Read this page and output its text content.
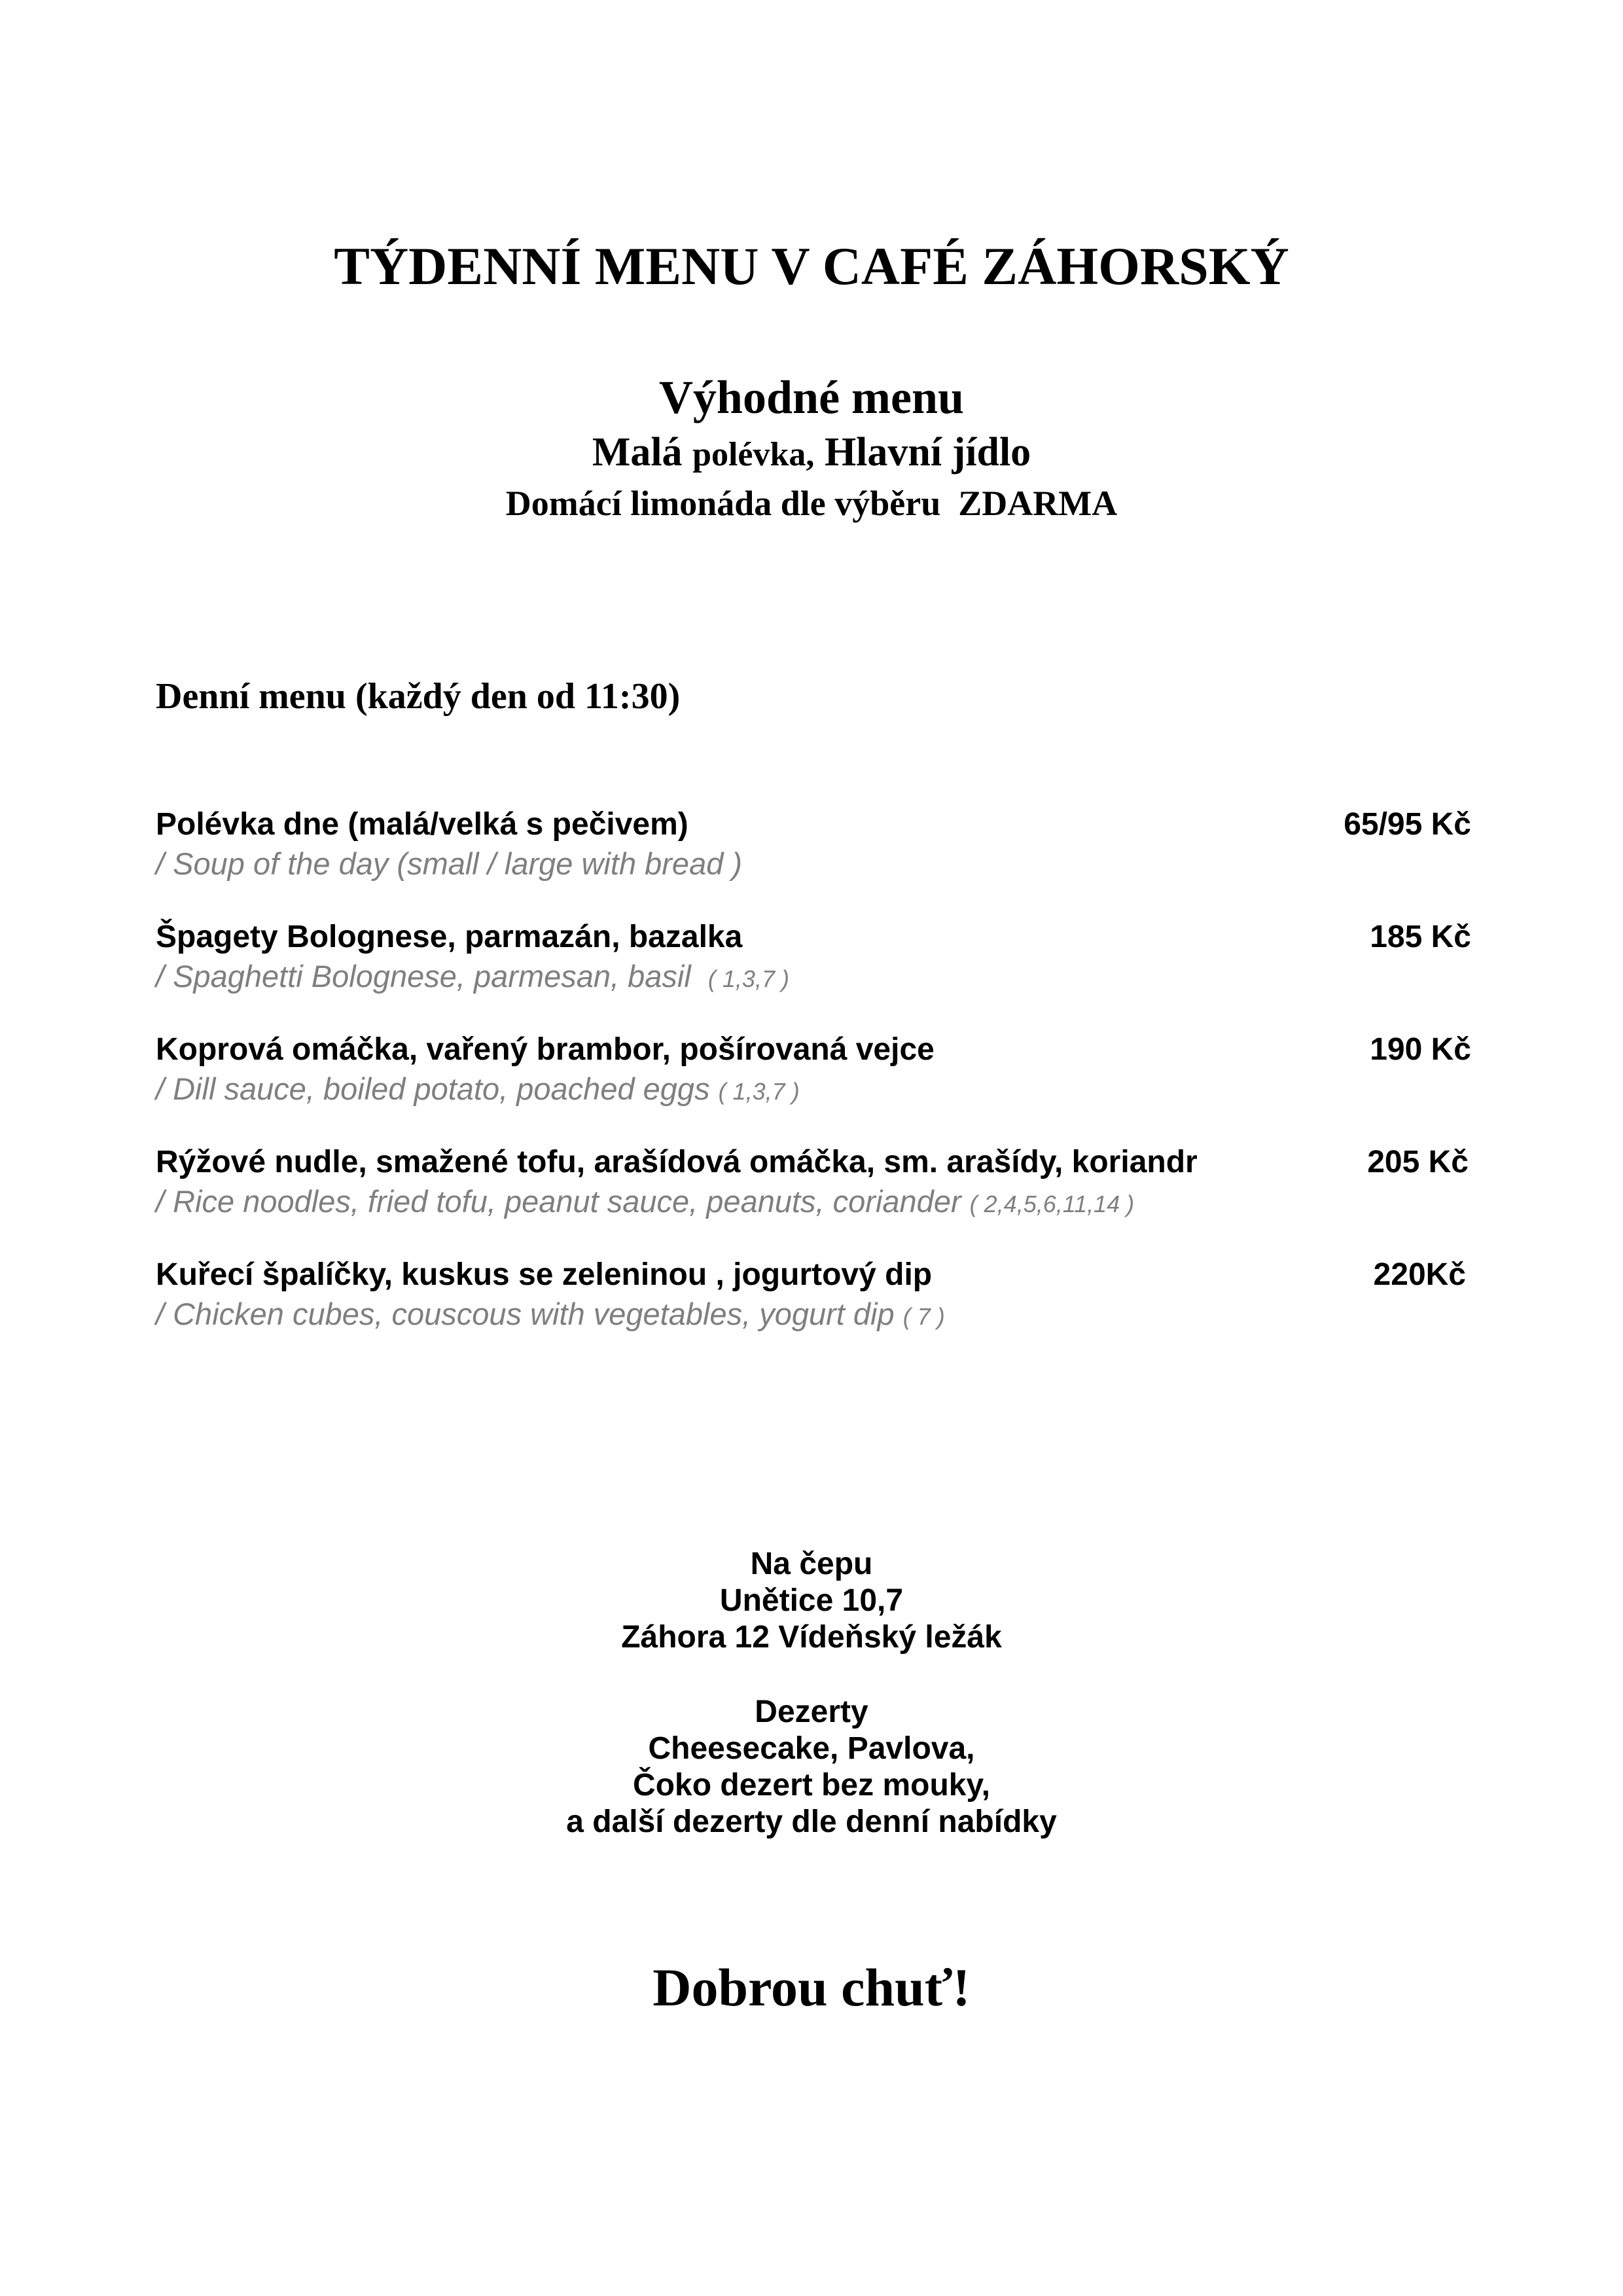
TÝDENNÍ MENU V CAFÉ ZÁHORSKÝ
Výhodné menu
Malá polévka, Hlavní jídlo
Domácí limonáda dle výběru  ZDARMA
Denní menu (každý den od 11:30)
Polévka dne (malá/velká s pečivem)
/ Soup of the day (small / large with bread )
65/95 Kč
Špagety Bolognese, parmazán, bazalka
/ Spaghetti Bolognese, parmesan, basil ( 1,3,7 )
185 Kč
Koprová omáčka, vařený brambor, pošírovaná vejce
/ Dill sauce, boiled potato, poached eggs ( 1,3,7 )
190 Kč
Rýžové nudle, smažené tofu, arašídová omáčka, sm. arašídy, koriandr
/ Rice noodles, fried tofu, peanut sauce, peanuts, coriander ( 2,4,5,6,11,14 )
205 Kč
Kuřecí špalíčky, kuskus se zeleninou , jogurtový dip
/ Chicken cubes, couscous with vegetables, yogurt dip ( 7 )
220Kč
Na čepu
Unětice 10,7
Záhora 12 Vídeňský ležák
Dezerty
Cheesecake, Pavlova,
Čoko dezert bez mouky,
a další dezerty dle denní nabídky
Dobrou chuť!
